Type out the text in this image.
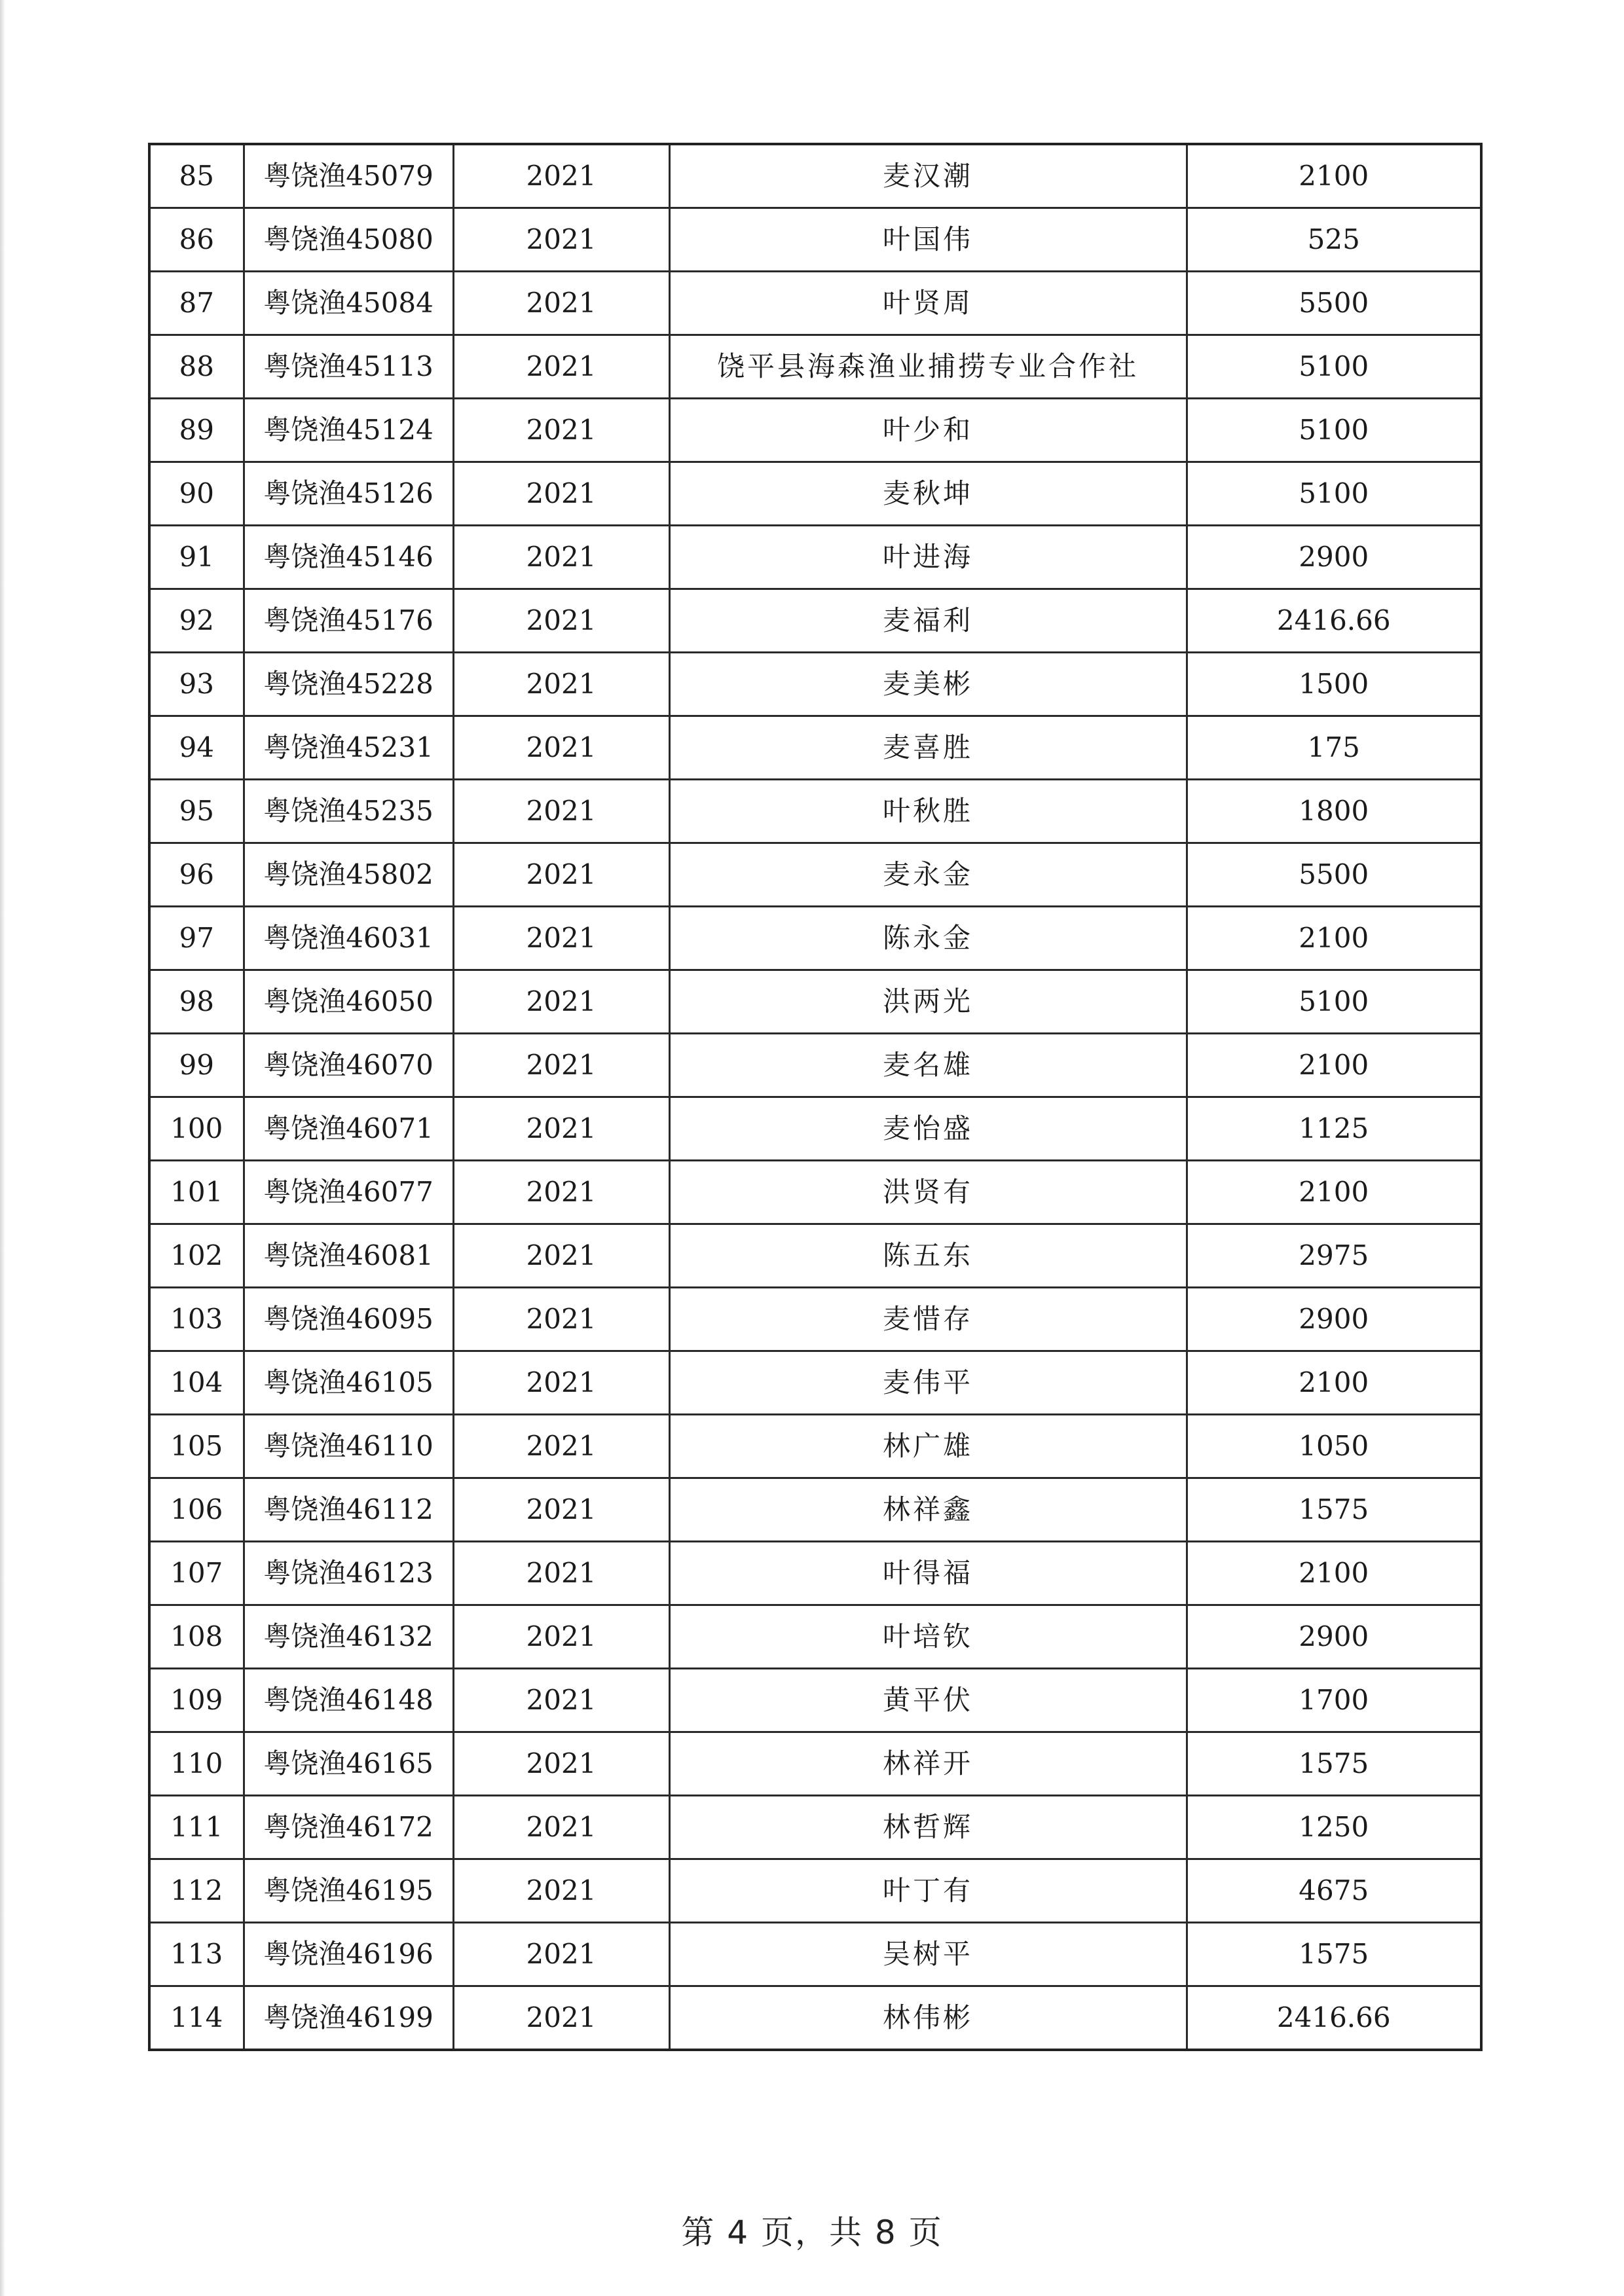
85	粤饶渔45079	2021	麦汉潮	2100
86	粤饶渔45080	2021	叶国伟	525
87	粤饶渔45084	2021	叶贤周	5500
88	粤饶渔45113	2021	饶平县海森渔业捕捞专业合作社	5100
89	粤饶渔45124	2021	叶少和	5100
90	粤饶渔45126	2021	麦秋坤	5100
91	粤饶渔45146	2021	叶进海	2900
92	粤饶渔45176	2021	麦福利	2416.66
93	粤饶渔45228	2021	麦美彬	1500
94	粤饶渔45231	2021	麦喜胜	175
95	粤饶渔45235	2021	叶秋胜	1800
96	粤饶渔45802	2021	麦永金	5500
97	粤饶渔46031	2021	陈永金	2100
98	粤饶渔46050	2021	洪两光	5100
99	粤饶渔46070	2021	麦名雄	2100
100	粤饶渔46071	2021	麦怡盛	1125
101	粤饶渔46077	2021	洪贤有	2100
102	粤饶渔46081	2021	陈五东	2975
103	粤饶渔46095	2021	麦惜存	2900
104	粤饶渔46105	2021	麦伟平	2100
105	粤饶渔46110	2021	林广雄	1050
106	粤饶渔46112	2021	林祥鑫	1575
107	粤饶渔46123	2021	叶得福	2100
108	粤饶渔46132	2021	叶培钦	2900
109	粤饶渔46148	2021	黄平伏	1700
110	粤饶渔46165	2021	林祥开	1575
111	粤饶渔46172	2021	林哲辉	1250
112	粤饶渔46195	2021	叶丁有	4675
113	粤饶渔46196	2021	吴树平	1575
114	粤饶渔46199	2021	林伟彬	2416.66
第 4 页，共 8 页
